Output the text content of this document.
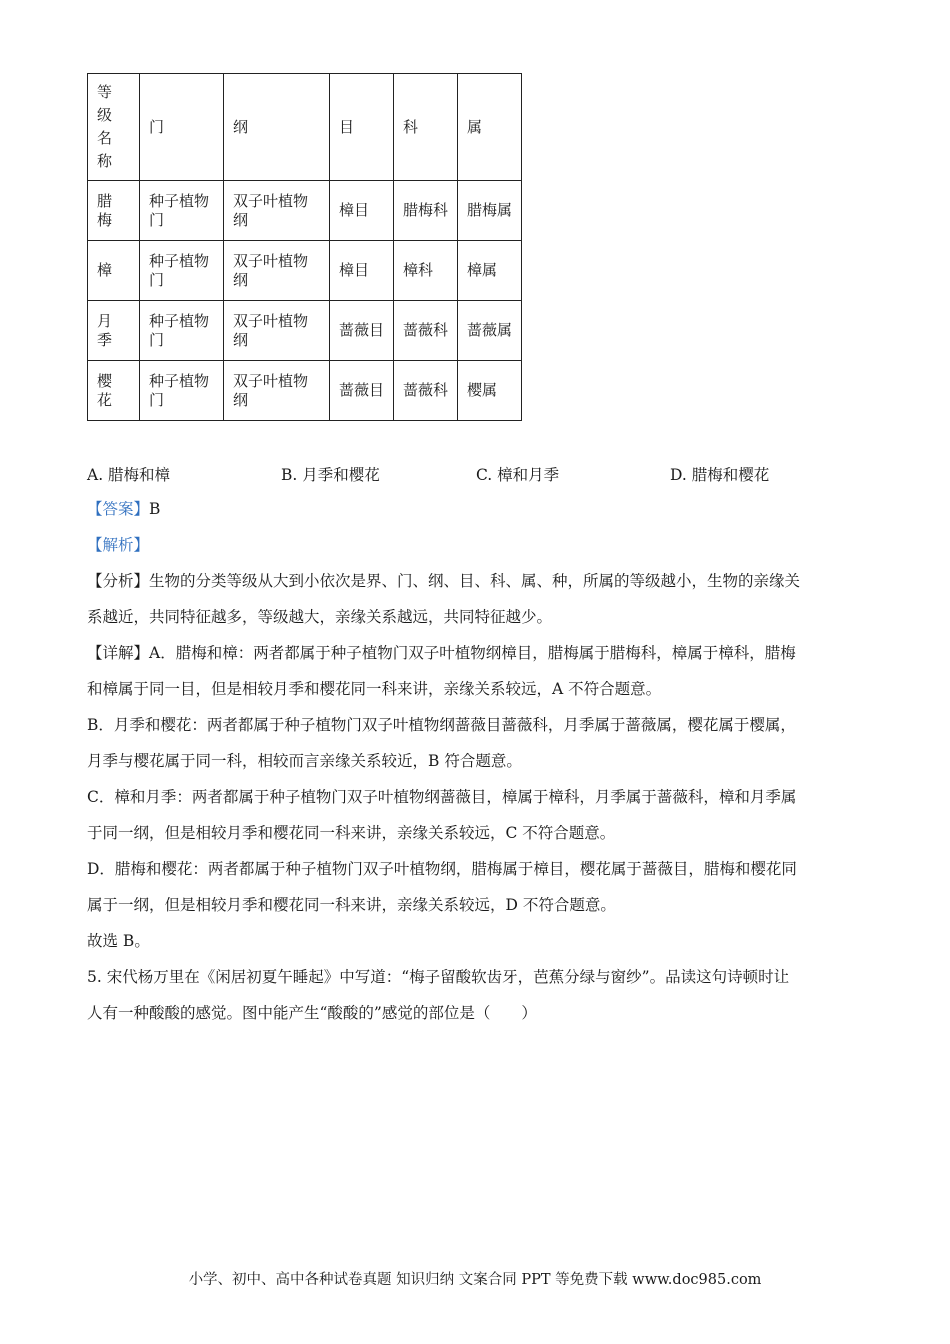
等级名称	门	纲	目	科	属

腊梅	种子植物门	双子叶植物纲	樟目	腊梅科	腊梅属

樟	种子植物门	双子叶植物纲	樟目	樟科	樟属

月季	种子植物门	双子叶植物纲	蔷薇目	蔷薇科	蔷薇属

樱花	种子植物门	双子叶植物纲	蔷薇目	蔷薇科	樱属
A. 腊梅和樟	B. 月季和樱花	C. 樟和月季	D. 腊梅和樱花
【答案】B
【解析】
【分析】生物的分类等级从大到小依次是界、门、纲、目、科、属、种，所属的等级越小，生物的亲缘关
系越近，共同特征越多，等级越大，亲缘关系越远，共同特征越少。
【详解】A．腊梅和樟：两者都属于种子植物门双子叶植物纲樟目，腊梅属于腊梅科，樟属于樟科，腊梅
和樟属于同一目，但是相较月季和樱花同一科来讲，亲缘关系较远，A 不符合题意。
B．月季和樱花：两者都属于种子植物门双子叶植物纲蔷薇目蔷薇科，月季属于蔷薇属，樱花属于樱属，
月季与樱花属于同一科，相较而言亲缘关系较近，B 符合题意。
C．樟和月季：两者都属于种子植物门双子叶植物纲蔷薇目，樟属于樟科，月季属于蔷薇科，樟和月季属
于同一纲，但是相较月季和樱花同一科来讲，亲缘关系较远，C 不符合题意。
D．腊梅和樱花：两者都属于种子植物门双子叶植物纲，腊梅属于樟目，樱花属于蔷薇目，腊梅和樱花同
属于一纲，但是相较月季和樱花同一科来讲，亲缘关系较远，D 不符合题意。
故选 B。
5. 宋代杨万里在《闲居初夏午睡起》中写道：“梅子留酸软齿牙，芭蕉分绿与窗纱”。品读这句诗顿时让
人有一种酸酸的感觉。图中能产生“酸酸的”感觉的部位是（　　）
小学、初中、高中各种试卷真题 知识归纳 文案合同 PPT 等免费下载 www.doc985.com
